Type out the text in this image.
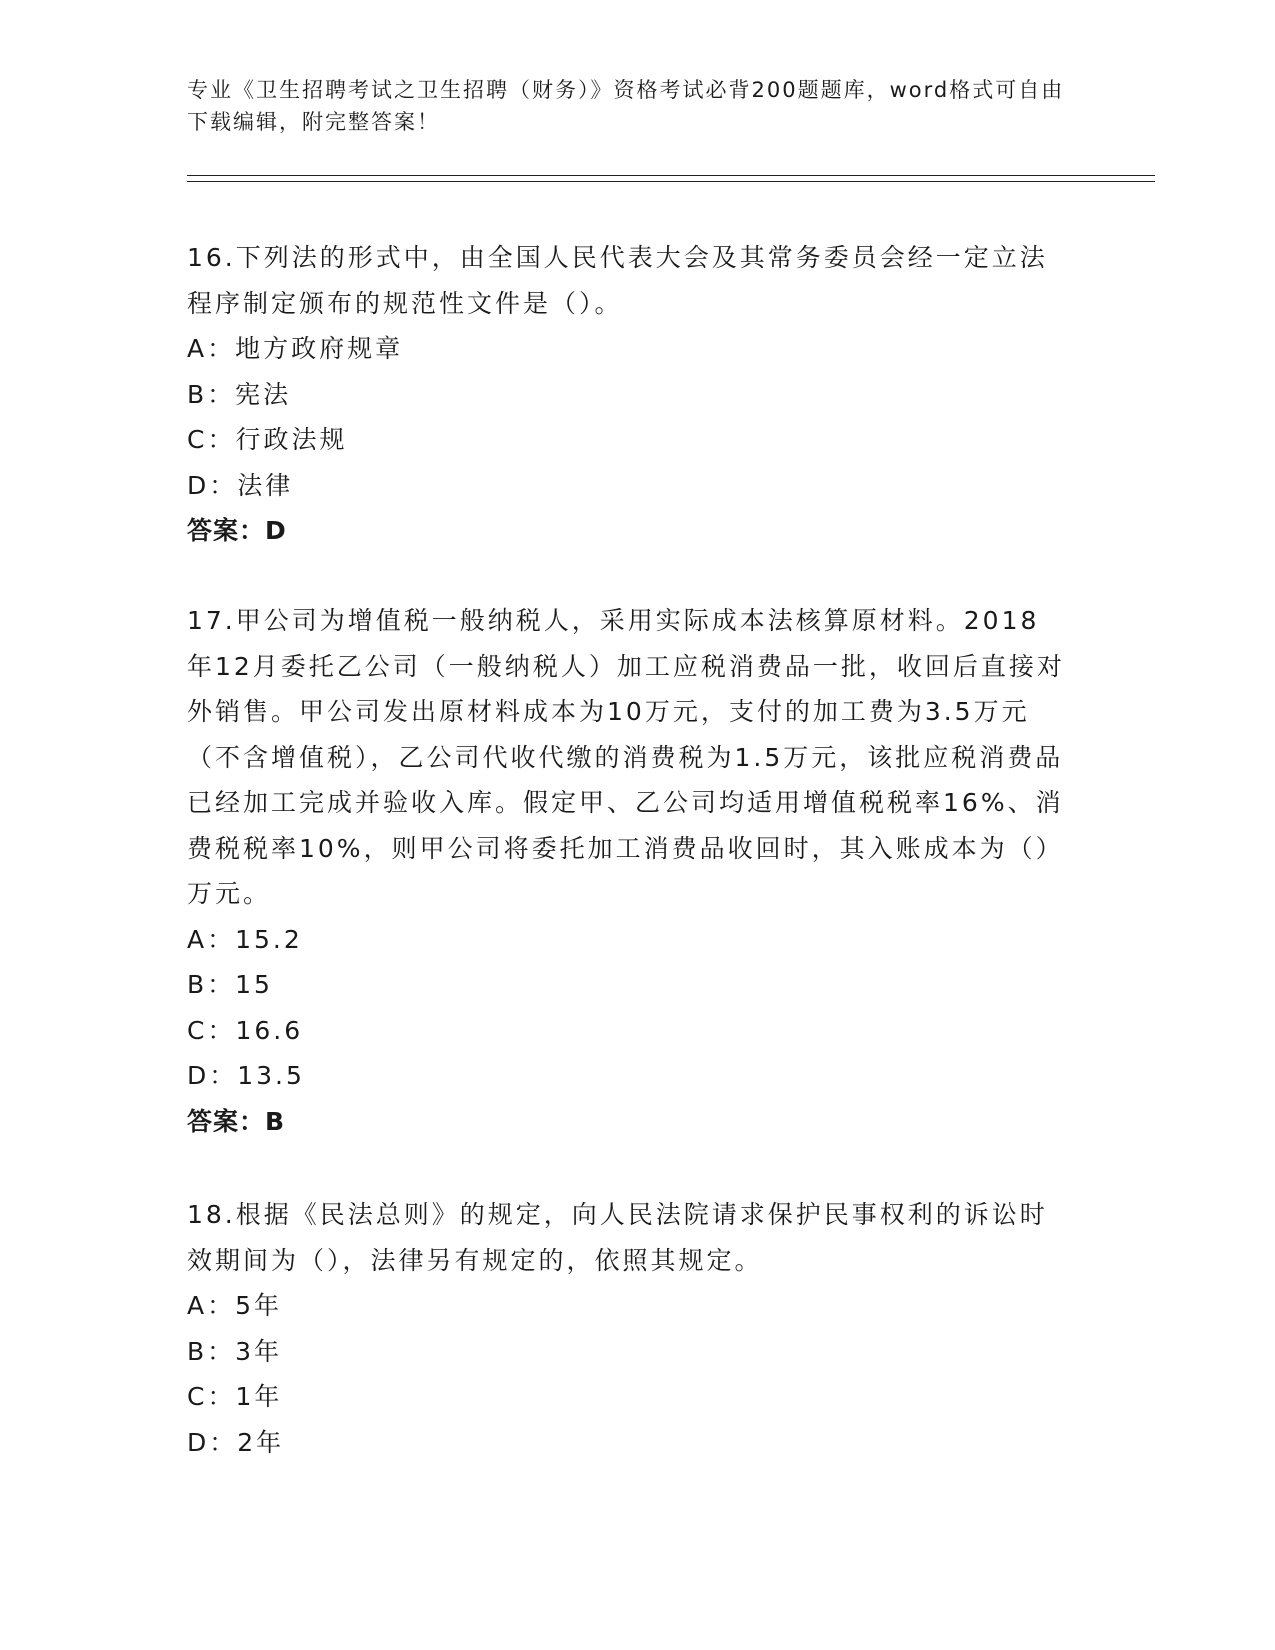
专业《卫生招聘考试之卫生招聘（财务）》资格考试必背200题题库，word格式可自由下载编辑，附完整答案！

16.下列法的形式中，由全国人民代表大会及其常务委员会经一定立法程序制定颁布的规范性文件是（）。

A：地方政府规章

B：宪法

C：行政法规

D：法律

答案：D

17.甲公司为增值税一般纳税人，采用实际成本法核算原材料。2018年12月委托乙公司（一般纳税人）加工应税消费品一批，收回后直接对外销售。甲公司发出原材料成本为10万元，支付的加工费为3.5万元（不含增值税），乙公司代收代缴的消费税为1.5万元，该批应税消费品已经加工完成并验收入库。假定甲、乙公司均适用增值税税率16%、消费税税率10%，则甲公司将委托加工消费品收回时，其入账成本为（）万元。

A：15.2

B：15

C：16.6

D：13.5

答案：B

18.根据《民法总则》的规定，向人民法院请求保护民事权利的诉讼时效期间为（），法律另有规定的，依照其规定。

A：5年

B：3年

C：1年

D：2年
